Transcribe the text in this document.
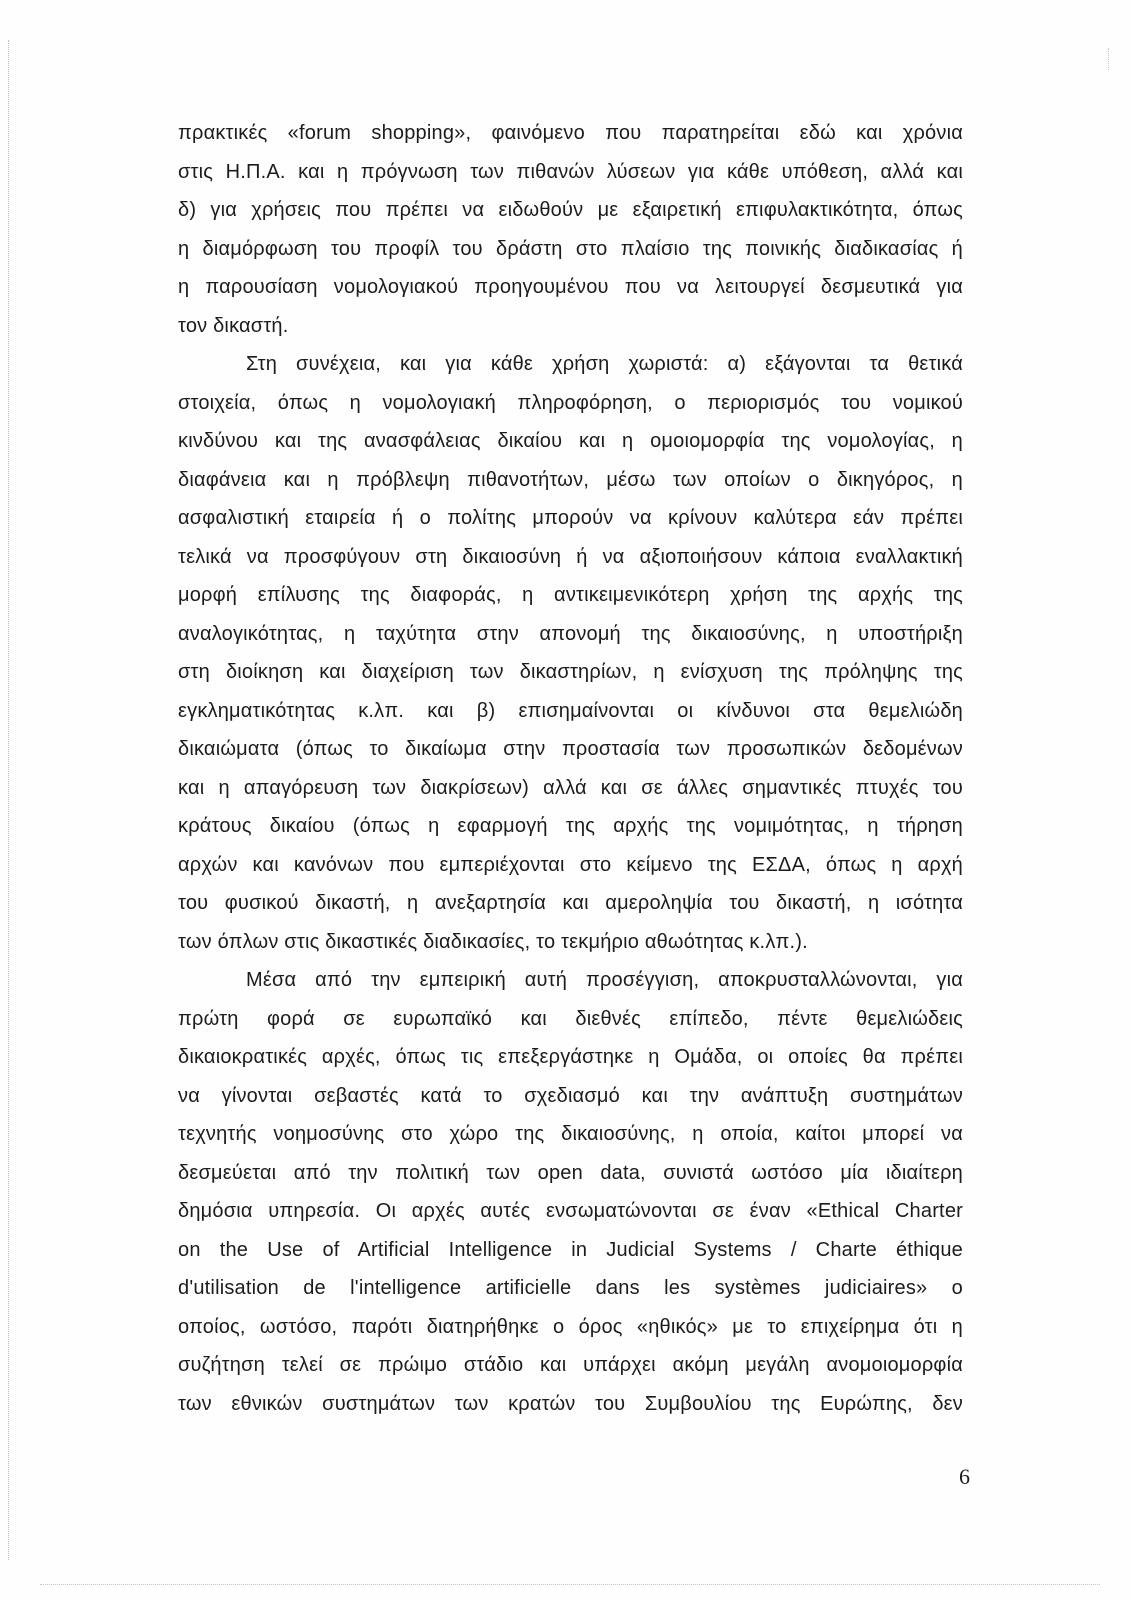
πρακτικές «forum shopping», φαινόμενο που παρατηρείται εδώ και χρόνια
στις Η.Π.Α. και η πρόγνωση των πιθανών λύσεων για κάθε υπόθεση, αλλά και
δ) για χρήσεις που πρέπει να ειδωθούν με εξαιρετική επιφυλακτικότητα, όπως
η διαμόρφωση του προφίλ του δράστη στο πλαίσιο της ποινικής διαδικασίας ή
η παρουσίαση νομολογιακού προηγουμένου που να λειτουργεί δεσμευτικά για
τον δικαστή.
Στη συνέχεια, και για κάθε χρήση χωριστά: α) εξάγονται τα θετικά
στοιχεία, όπως η νομολογιακή πληροφόρηση, ο περιορισμός του νομικού
κινδύνου και της ανασφάλειας δικαίου και η ομοιομορφία της νομολογίας, η
διαφάνεια και η πρόβλεψη πιθανοτήτων, μέσω των οποίων ο δικηγόρος, η
ασφαλιστική εταιρεία ή ο πολίτης μπορούν να κρίνουν καλύτερα εάν πρέπει
τελικά να προσφύγουν στη δικαιοσύνη ή να αξιοποιήσουν κάποια εναλλακτική
μορφή επίλυσης της διαφοράς, η αντικειμενικότερη χρήση της αρχής της
αναλογικότητας, η ταχύτητα στην απονομή της δικαιοσύνης, η υποστήριξη
στη διοίκηση και διαχείριση των δικαστηρίων, η ενίσχυση της πρόληψης της
εγκληματικότητας κ.λπ. και β) επισημαίνονται οι κίνδυνοι στα θεμελιώδη
δικαιώματα (όπως το δικαίωμα στην προστασία των προσωπικών δεδομένων
και η απαγόρευση των διακρίσεων) αλλά και σε άλλες σημαντικές πτυχές του
κράτους δικαίου (όπως η εφαρμογή της αρχής της νομιμότητας, η τήρηση
αρχών και κανόνων που εμπεριέχονται στο κείμενο της ΕΣΔΑ, όπως η αρχή
του φυσικού δικαστή, η ανεξαρτησία και αμεροληψία του δικαστή, η ισότητα
των όπλων στις δικαστικές διαδικασίες, το τεκμήριο αθωότητας κ.λπ.).
Μέσα από την εμπειρική αυτή προσέγγιση, αποκρυσταλλώνονται, για
πρώτη φορά σε ευρωπαϊκό και διεθνές επίπεδο, πέντε θεμελιώδεις
δικαιοκρατικές αρχές, όπως τις επεξεργάστηκε η Ομάδα, οι οποίες θα πρέπει
να γίνονται σεβαστές κατά το σχεδιασμό και την ανάπτυξη συστημάτων
τεχνητής νοημοσύνης στο χώρο της δικαιοσύνης, η οποία, καίτοι μπορεί να
δεσμεύεται από την πολιτική των open data, συνιστά ωστόσο μία ιδιαίτερη
δημόσια υπηρεσία. Οι αρχές αυτές ενσωματώνονται σε έναν «Ethical Charter
on the Use of Artificial Intelligence in Judicial Systems / Charte éthique
d'utilisation de l'intelligence artificielle dans les systèmes judiciaires» ο
οποίος, ωστόσο, παρότι διατηρήθηκε ο όρος «ηθικός» με το επιχείρημα ότι η
συζήτηση τελεί σε πρώιμο στάδιο και υπάρχει ακόμη μεγάλη ανομοιομορφία
των εθνικών συστημάτων των κρατών του Συμβουλίου της Ευρώπης, δεν
6
